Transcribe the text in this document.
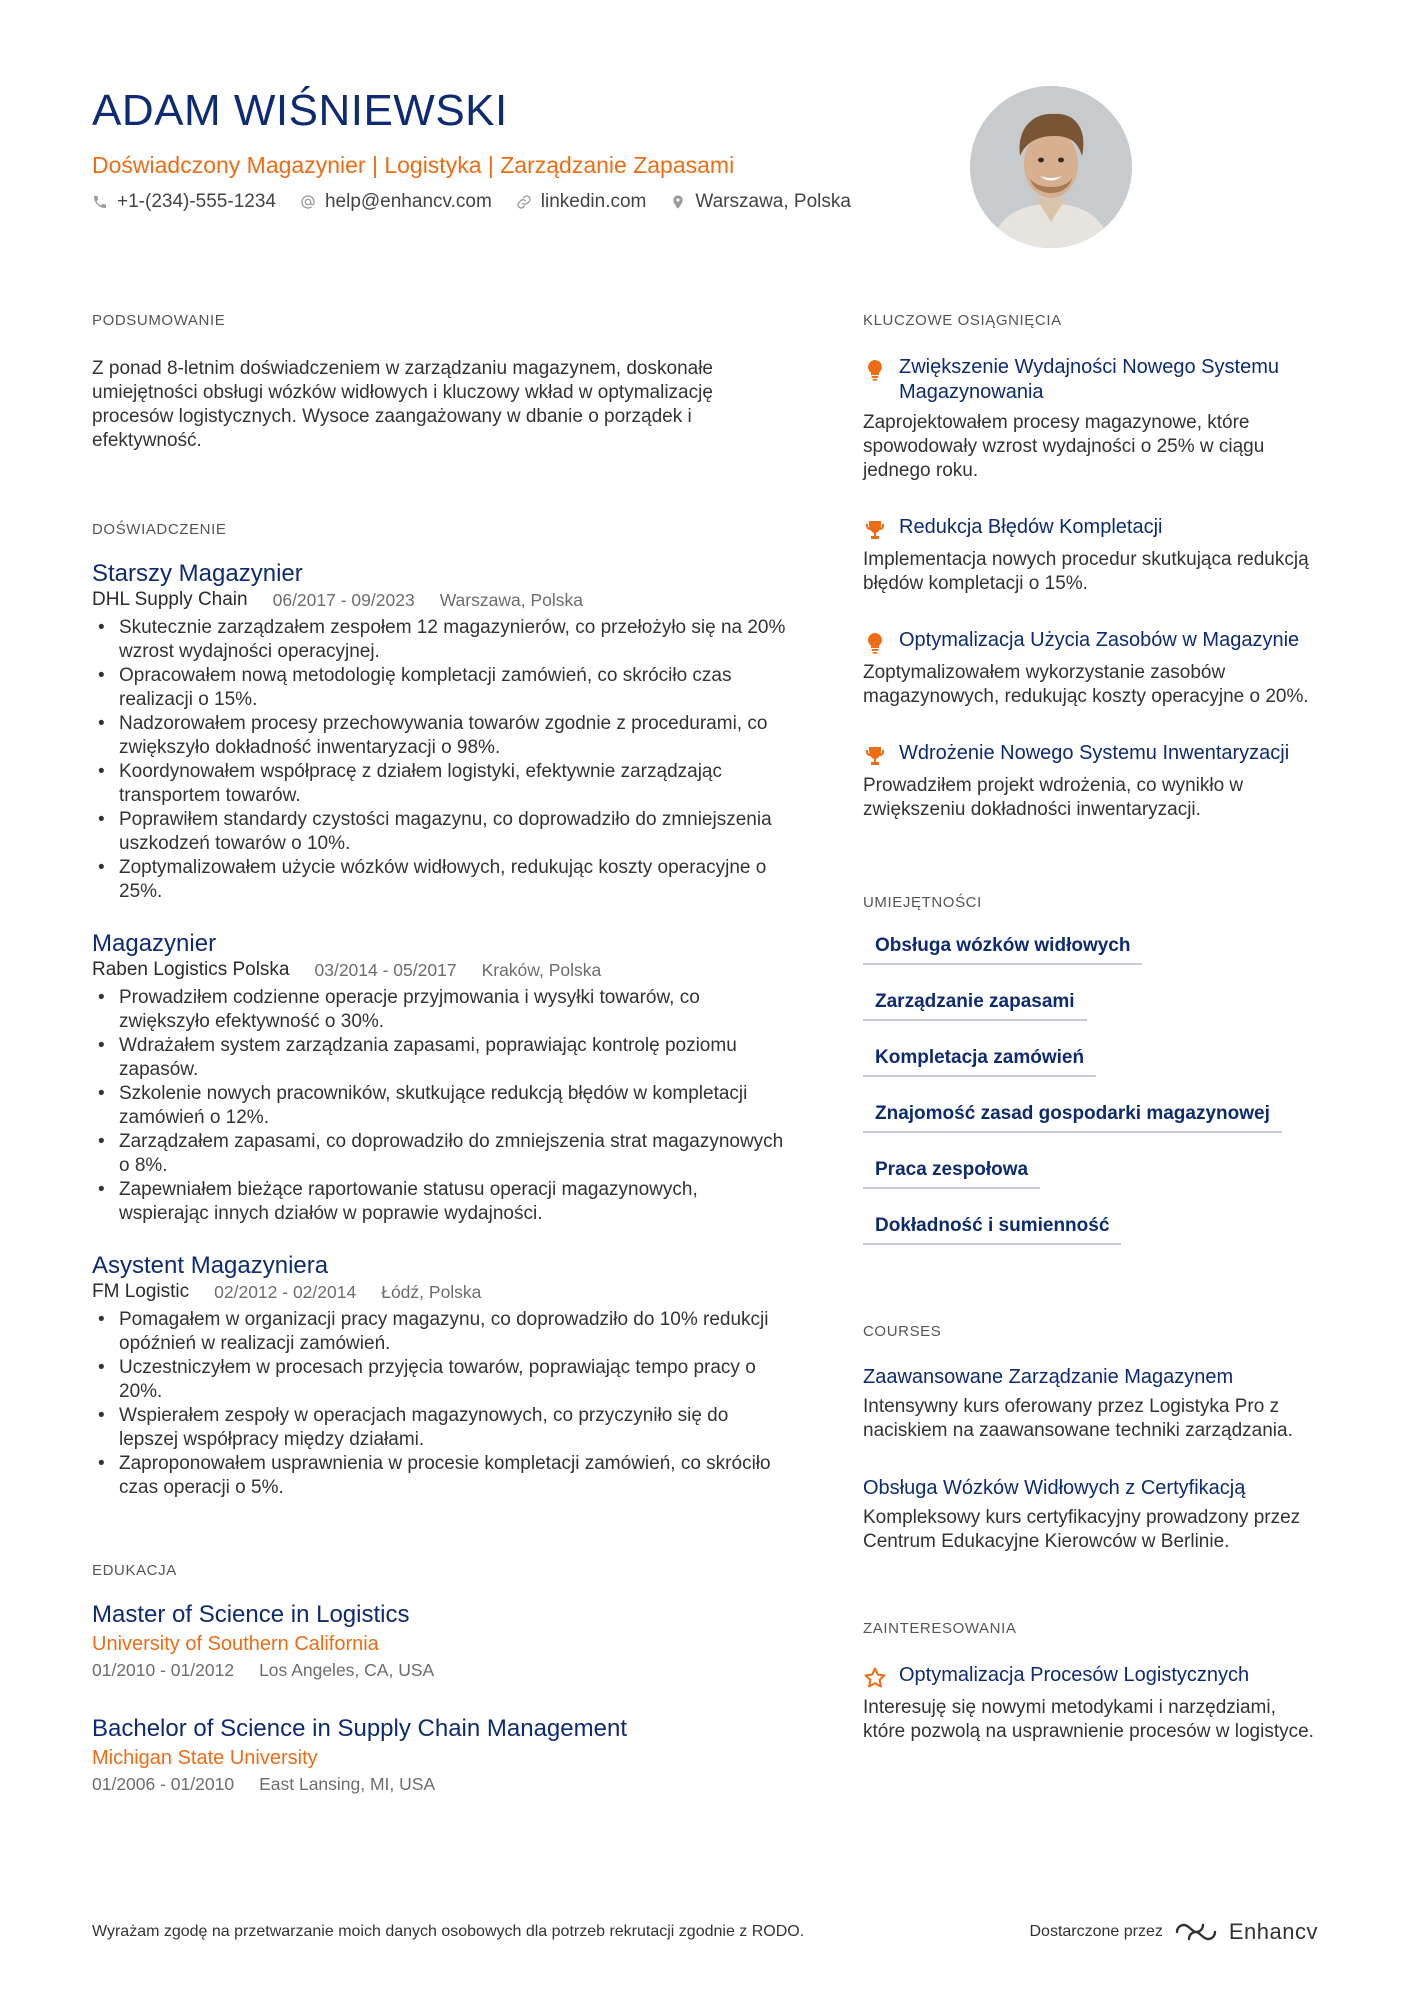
ADAM WIŚNIEWSKI
Doświadczony Magazynier | Logistyka | Zarządzanie Zapasami
+1-(234)-555-1234	help@enhancv.com	linkedin.com	Warszawa, Polska
PODSUMOWANIE
Z ponad 8-letnim doświadczeniem w zarządzaniu magazynem, doskonałe umiejętności obsługi wózków widłowych i kluczowy wkład w optymalizację procesów logistycznych. Wysoce zaangażowany w dbanie o porządek i efektywność.
DOŚWIADCZENIE
Starszy Magazynier
DHL Supply Chain 06/2017 - 09/2023 Warszawa, Polska
• Skutecznie zarządzałem zespołem 12 magazynierów, co przełożyło się na 20% wzrost wydajności operacyjnej.
• Opracowałem nową metodologię kompletacji zamówień, co skróciło czas realizacji o 15%.
• Nadzorowałem procesy przechowywania towarów zgodnie z procedurami, co zwiększyło dokładność inwentaryzacji o 98%.
• Koordynowałem współpracę z działem logistyki, efektywnie zarządzając transportem towarów.
• Poprawiłem standardy czystości magazynu, co doprowadziło do zmniejszenia uszkodzeń towarów o 10%.
• Zoptymalizowałem użycie wózków widłowych, redukując koszty operacyjne o 25%.
Magazynier
Raben Logistics Polska 03/2014 - 05/2017 Kraków, Polska
• Prowadziłem codzienne operacje przyjmowania i wysyłki towarów, co zwiększyło efektywność o 30%.
• Wdrażałem system zarządzania zapasami, poprawiając kontrolę poziomu zapasów.
• Szkolenie nowych pracowników, skutkujące redukcją błędów w kompletacji zamówień o 12%.
• Zarządzałem zapasami, co doprowadziło do zmniejszenia strat magazynowych o 8%.
• Zapewniałem bieżące raportowanie statusu operacji magazynowych, wspierając innych działów w poprawie wydajności.
Asystent Magazyniera
FM Logistic 02/2012 - 02/2014 Łódź, Polska
• Pomagałem w organizacji pracy magazynu, co doprowadziło do 10% redukcji opóźnień w realizacji zamówień.
• Uczestniczyłem w procesach przyjęcia towarów, poprawiając tempo pracy o 20%.
• Wspierałem zespoły w operacjach magazynowych, co przyczyniło się do lepszej współpracy między działami.
• Zaproponowałem usprawnienia w procesie kompletacji zamówień, co skróciło czas operacji o 5%.
EDUKACJA
Master of Science in Logistics
University of Southern California
01/2010 - 01/2012 Los Angeles, CA, USA
Bachelor of Science in Supply Chain Management
Michigan State University
01/2006 - 01/2010 East Lansing, MI, USA
KLUCZOWE OSIĄGNIĘCIA
Zwiększenie Wydajności Nowego Systemu Magazynowania
Zaprojektowałem procesy magazynowe, które spowodowały wzrost wydajności o 25% w ciągu jednego roku.
Redukcja Błędów Kompletacji
Implementacja nowych procedur skutkująca redukcją błędów kompletacji o 15%.
Optymalizacja Użycia Zasobów w Magazynie
Zoptymalizowałem wykorzystanie zasobów magazynowych, redukując koszty operacyjne o 20%.
Wdrożenie Nowego Systemu Inwentaryzacji
Prowadziłem projekt wdrożenia, co wynikło w zwiększeniu dokładności inwentaryzacji.
UMIEJĘTNOŚCI
Obsługa wózków widłowych
Zarządzanie zapasami
Kompletacja zamówień
Znajomość zasad gospodarki magazynowej
Praca zespołowa
Dokładność i sumienność
COURSES
Zaawansowane Zarządzanie Magazynem
Intensywny kurs oferowany przez Logistyka Pro z naciskiem na zaawansowane techniki zarządzania.
Obsługa Wózków Widłowych z Certyfikacją
Kompleksowy kurs certyfikacyjny prowadzony przez Centrum Edukacyjne Kierowców w Berlinie.
ZAINTERESOWANIA
Optymalizacja Procesów Logistycznych
Interesuję się nowymi metodykami i narzędziami, które pozwolą na usprawnienie procesów w logistyce.
Wyrażam zgodę na przetwarzanie moich danych osobowych dla potrzeb rekrutacji zgodnie z RODO.	Dostarczone przez	Enhancv
